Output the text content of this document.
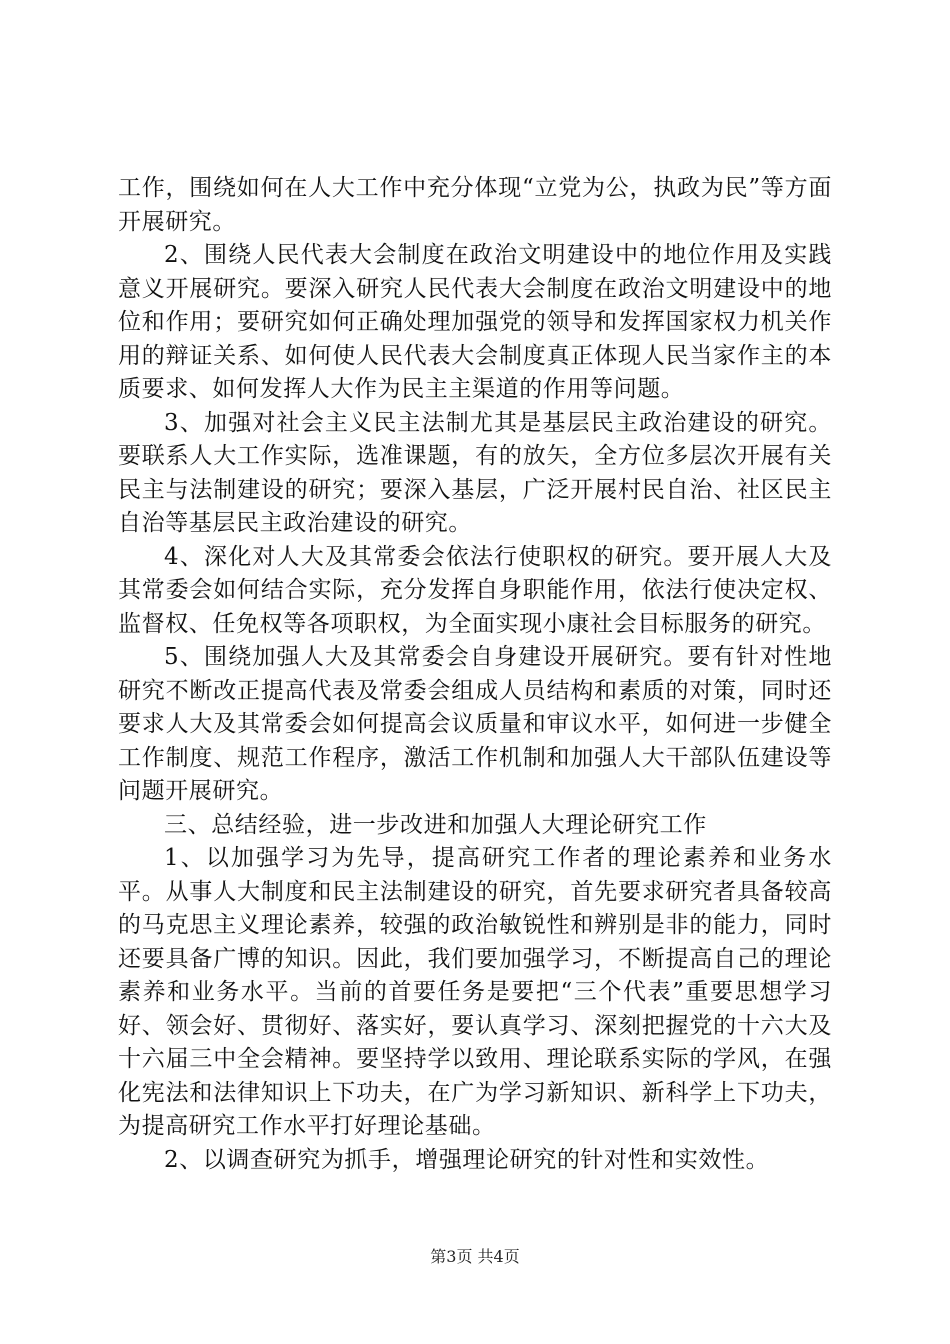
工作，围绕如何在人大工作中充分体现“立党为公，执政为民”等方面开展研究。

2、围绕人民代表大会制度在政治文明建设中的地位作用及实践意义开展研究。要深入研究人民代表大会制度在政治文明建设中的地位和作用；要研究如何正确处理加强党的领导和发挥国家权力机关作用的辩证关系、如何使人民代表大会制度真正体现人民当家作主的本质要求、如何发挥人大作为民主主渠道的作用等问题。

3、加强对社会主义民主法制尤其是基层民主政治建设的研究。要联系人大工作实际，选准课题，有的放矢，全方位多层次开展有关民主与法制建设的研究；要深入基层，广泛开展村民自治、社区民主自治等基层民主政治建设的研究。

4、深化对人大及其常委会依法行使职权的研究。要开展人大及其常委会如何结合实际，充分发挥自身职能作用，依法行使决定权、监督权、任免权等各项职权，为全面实现小康社会目标服务的研究。

5、围绕加强人大及其常委会自身建设开展研究。要有针对性地研究不断改正提高代表及常委会组成人员结构和素质的对策，同时还要求人大及其常委会如何提高会议质量和审议水平，如何进一步健全工作制度、规范工作程序，激活工作机制和加强人大干部队伍建设等问题开展研究。

三、总结经验，进一步改进和加强人大理论研究工作

1、以加强学习为先导，提高研究工作者的理论素养和业务水平。从事人大制度和民主法制建设的研究，首先要求研究者具备较高的马克思主义理论素养，较强的政治敏锐性和辨别是非的能力，同时还要具备广博的知识。因此，我们要加强学习，不断提高自己的理论素养和业务水平。当前的首要任务是要把“三个代表”重要思想学习好、领会好、贯彻好、落实好，要认真学习、深刻把握党的十六大及十六届三中全会精神。要坚持学以致用、理论联系实际的学风，在强化宪法和法律知识上下功夫，在广为学习新知识、新科学上下功夫，为提高研究工作水平打好理论基础。

2、以调查研究为抓手，增强理论研究的针对性和实效性。

第3页 共4页
